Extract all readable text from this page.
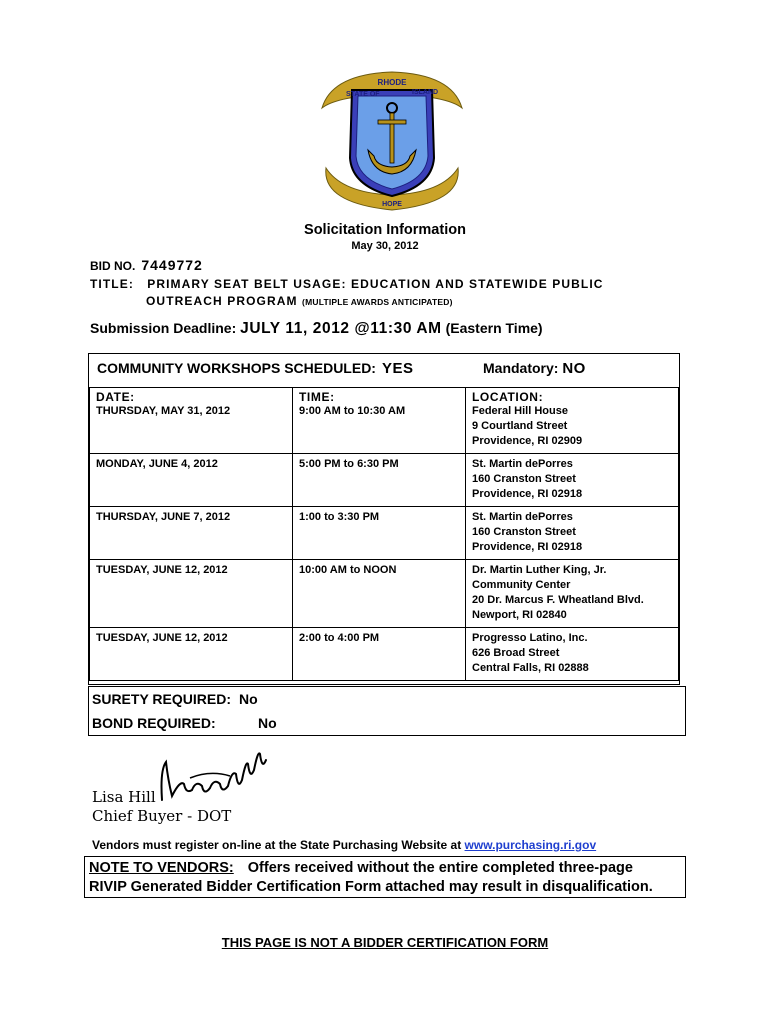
RHODE
STATE OF	ISLAND
HOPE
Solicitation Information
May 30, 2012
BID NO. 7449772
TITLE: PRIMARY SEAT BELT USAGE: EDUCATION AND STATEWIDE PUBLIC
OUTREACH PROGRAM (MULTIPLE AWARDS ANTICIPATED)
Submission Deadline: JULY 11, 2012 @11:30 AM (Eastern Time)
COMMUNITY WORKSHOPS SCHEDULED: YES	Mandatory: NO
DATE:	TIME:	LOCATION:
THURSDAY, MAY 31, 2012	9:00 AM to 10:30 AM	Federal Hill House
9 Courtland Street
Providence, RI 02909

MONDAY, JUNE 4, 2012	5:00 PM to 6:30 PM	St. Martin dePorres
160 Cranston Street
Providence, RI 02918

THURSDAY, JUNE 7, 2012	1:00 to 3:30 PM	St. Martin dePorres
160 Cranston Street
Providence, RI 02918

TUESDAY, JUNE 12, 2012	10:00 AM to NOON	Dr. Martin Luther King, Jr.
Community Center
20 Dr. Marcus F. Wheatland Blvd.
Newport, RI 02840

TUESDAY, JUNE 12, 2012	2:00 to 4:00 PM	Progresso Latino, Inc.
626 Broad Street
Central Falls, RI 02888
SURETY REQUIRED: No
BOND REQUIRED:	No
Lisa Hill
Chief Buyer - DOT
Vendors must register on-line at the State Purchasing Website at www.purchasing.ri.gov
NOTE TO VENDORS: Offers received without the entire completed three-page
RIVIP Generated Bidder Certification Form attached may result in disqualification.
THIS PAGE IS NOT A BIDDER CERTIFICATION FORM
